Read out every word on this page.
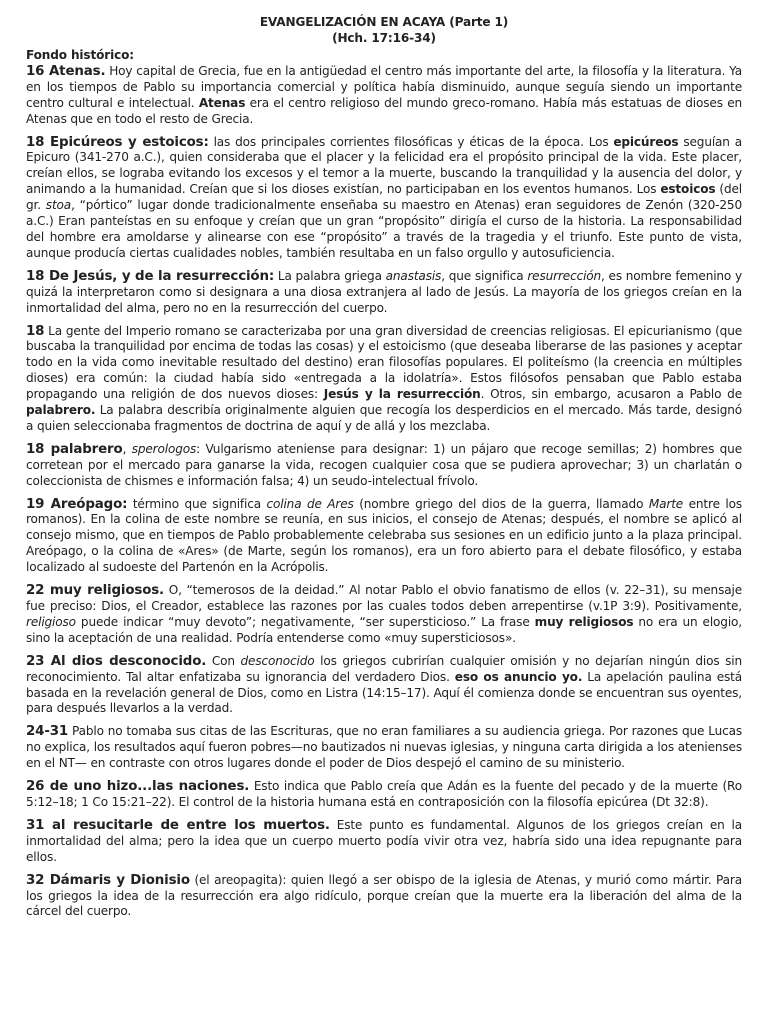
EVANGELIZACIÓN EN ACAYA (Parte 1)
(Hch. 17:16-34)
Fondo histórico:

16 Atenas. Hoy capital de Grecia, fue en la antigüedad el centro más importante del arte, la filosofía y la literatura. Ya en los tiempos de Pablo su importancia comercial y política había disminuido, aunque seguía siendo un importante centro cultural e intelectual. Atenas era el centro religioso del mundo greco-romano. Había más estatuas de dioses en Atenas que en todo el resto de Grecia.

18 Epicúreos y estoicos: las dos principales corrientes filosóficas y éticas de la época. Los epicúreos seguían a Epicuro (341-270 a.C.), quien consideraba que el placer y la felicidad era el propósito principal de la vida. Este placer, creían ellos, se lograba evitando los excesos y el temor a la muerte, buscando la tranquilidad y la ausencia del dolor, y animando a la humanidad. Creían que si los dioses existían, no participaban en los eventos humanos. Los estoicos (del gr. stoa, “pórtico” lugar donde tradicionalmente enseñaba su maestro en Atenas) eran seguidores de Zenón (320-250 a.C.) Eran panteístas en su enfoque y creían que un gran “propósito” dirigía el curso de la historia. La responsabilidad del hombre era amoldarse y alinearse con ese “propósito” a través de la tragedia y el triunfo. Este punto de vista, aunque producía ciertas cualidades nobles, también resultaba en un falso orgullo y autosuficiencia.

18 De Jesús, y de la resurrección: La palabra griega anastasis, que significa resurrección, es nombre femenino y quizá la interpretaron como si designara a una diosa extranjera al lado de Jesús. La mayoría de los griegos creían en la inmortalidad del alma, pero no en la resurrección del cuerpo.

18 La gente del Imperio romano se caracterizaba por una gran diversidad de creencias religiosas. El epicurianismo (que buscaba la tranquilidad por encima de todas las cosas) y el estoicismo (que deseaba liberarse de las pasiones y aceptar todo en la vida como inevitable resultado del destino) eran filosofías populares. El politeísmo (la creencia en múltiples dioses) era común: la ciudad había sido «entregada a la idolatría». Estos filósofos pensaban que Pablo estaba propagando una religión de dos nuevos dioses: Jesús y la resurrección. Otros, sin embargo, acusaron a Pablo de palabrero. La palabra describía originalmente alguien que recogía los desperdicios en el mercado. Más tarde, designó a quien seleccionaba fragmentos de doctrina de aquí y de allá y los mezclaba.

18 palabrero, sperologos: Vulgarismo ateniense para designar: 1) un pájaro que recoge semillas; 2) hombres que corretean por el mercado para ganarse la vida, recogen cualquier cosa que se pudiera aprovechar; 3) un charlatán o coleccionista de chismes e información falsa; 4) un seudo-intelectual frívolo.

19 Areópago: término que significa colina de Ares (nombre griego del dios de la guerra, llamado Marte entre los romanos). En la colina de este nombre se reunía, en sus inicios, el consejo de Atenas; después, el nombre se aplicó al consejo mismo, que en tiempos de Pablo probablemente celebraba sus sesiones en un edificio junto a la plaza principal. Areópago, o la colina de «Ares» (de Marte, según los romanos), era un foro abierto para el debate filosófico, y estaba localizado al sudoeste del Partenón en la Acrópolis.

22 muy religiosos. O, “temerosos de la deidad.” Al notar Pablo el obvio fanatismo de ellos (v. 22–31), su mensaje fue preciso: Dios, el Creador, establece las razones por las cuales todos deben arrepentirse (v.1P 3:9). Positivamente, religioso puede indicar “muy devoto”; negativamente, “ser supersticioso.” La frase muy religiosos no era un elogio, sino la aceptación de una realidad. Podría entenderse como «muy supersticiosos».

23 Al dios desconocido. Con desconocido los griegos cubrirían cualquier omisión y no dejarían ningún dios sin reconocimiento. Tal altar enfatizaba su ignorancia del verdadero Dios. eso os anuncio yo. La apelación paulina está basada en la revelación general de Dios, como en Listra (14:15–17). Aquí él comienza donde se encuentran sus oyentes, para después llevarlos a la verdad.

24-31 Pablo no tomaba sus citas de las Escrituras, que no eran familiares a su audiencia griega. Por razones que Lucas no explica, los resultados aquí fueron pobres—no bautizados ni nuevas iglesias, y ninguna carta dirigida a los atenienses en el NT— en contraste con otros lugares donde el poder de Dios despejó el camino de su ministerio.

26 de uno hizo...las naciones. Esto indica que Pablo creía que Adán es la fuente del pecado y de la muerte (Ro 5:12–18; 1 Co 15:21–22). El control de la historia humana está en contraposición con la filosofía epicúrea (Dt 32:8).

31 al resucitarle de entre los muertos. Este punto es fundamental. Algunos de los griegos creían en la inmortalidad del alma; pero la idea que un cuerpo muerto podía vivir otra vez, habría sido una idea repugnante para ellos.

32 Dámaris y Dionisio (el areopagita): quien llegó a ser obispo de la iglesia de Atenas, y murió como mártir. Para los griegos la idea de la resurrección era algo ridículo, porque creían que la muerte era la liberación del alma de la cárcel del cuerpo.
